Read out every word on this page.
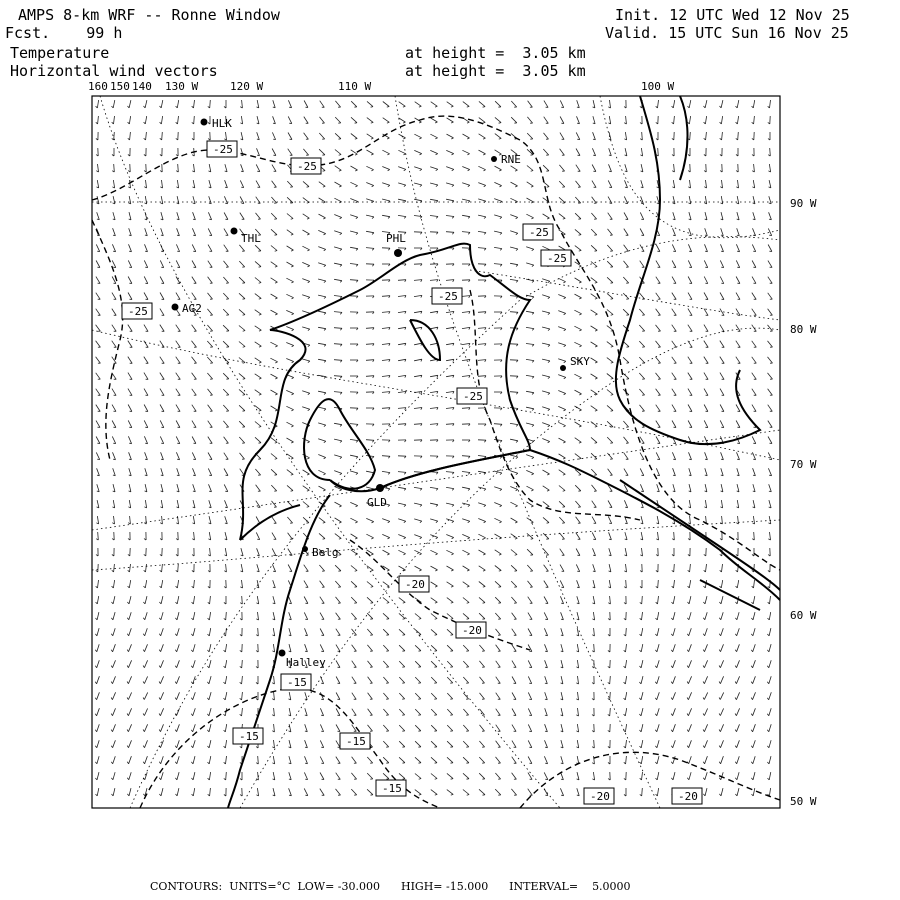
AMPS 8-km WRF -- Ronne Window
Fcst.    99 h
Temperature
Horizontal wind vectors
at height =  3.05 km
at height =  3.05 km
Init. 12 UTC Wed 12 Nov 25
Valid. 15 UTC Sun 16 Nov 25
HLK
RNE
THL	PHL
AG2
SKY
GLD
Belg
Halley
-25
-25
-25
-25
-25
-25
-25
-20
-20
-15
-15	-15
-15
-20	-20
160 150 140 130 W	120 W	110 W	100 W
90 W
80 W
70 W
60 W
50 W
CONTOURS:  UNITS=°C  LOW= -30.000      HIGH= -15.000      INTERVAL=    5.0000
